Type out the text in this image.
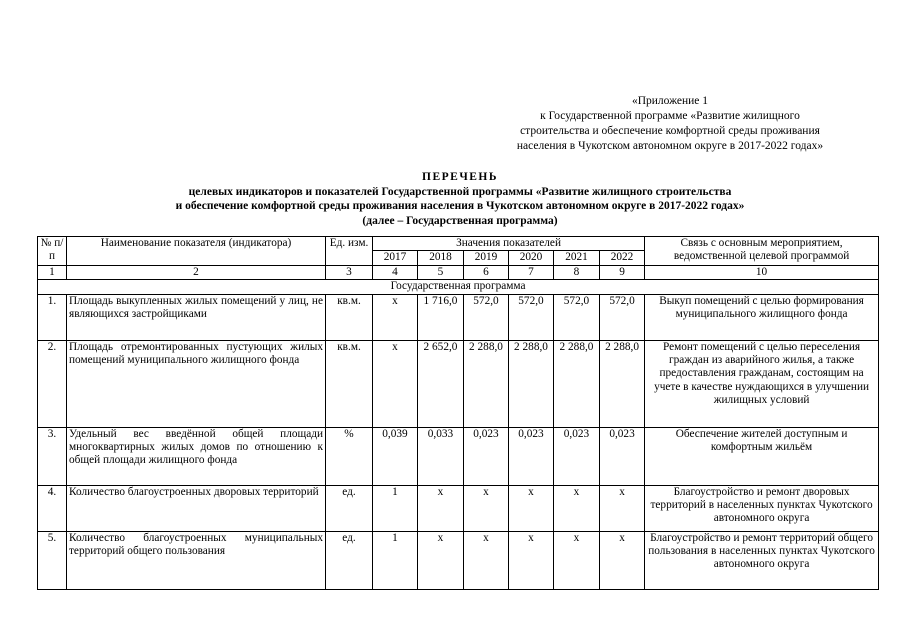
«Приложение 1
к Государственной программе «Развитие жилищного
строительства и обеспечение комфортной среды проживания
населения в Чукотском автономном округе в 2017-2022 годах»
ПЕРЕЧЕНЬ
целевых индикаторов и показателей Государственной программы «Развитие жилищного строительства
и обеспечение комфортной среды проживания населения в Чукотском автономном округе в 2017-2022 годах»
(далее – Государственная программа)
№ п/п	Наименование показателя (индикатора)	Ед. изм.	Значения показателей						Связь с основным мероприятием, ведомственной целевой программой
			2017	2018	2019	2020	2021	2022	
1	2	3	4	5	6	7	8	9	10
Государственная программа									
1.	Площадь выкупленных жилых помещений у лиц, не являющихся застройщиками	кв.м.	х	1 716,0	572,0	572,0	572,0	572,0	Выкуп помещений с целью формирования муниципального жилищного фонда
2.	Площадь отремонтированных пустующих жилых помещений муниципального жилищного фонда	кв.м.	х	2 652,0	2 288,0	2 288,0	2 288,0	2 288,0	Ремонт помещений с целью переселения граждан из аварийного жилья, а также предоставления гражданам, состоящим на учете в качестве нуждающихся в улучшении жилищных условий
3.	Удельный вес введённой общей площади многоквартирных жилых домов по отношению к общей площади жилищного фонда	%	0,039	0,033	0,023	0,023	0,023	0,023	Обеспечение жителей доступным и комфортным жильём
4.	Количество благоустроенных дворовых территорий	ед.	1	х	х	х	х	х	Благоустройство и ремонт дворовых территорий в населенных пунктах Чукотского автономного округа
5.	Количество благоустроенных муниципальных территорий общего пользования	ед.	1	х	х	х	х	х	Благоустройство и ремонт территорий общего пользования в населенных пунктах Чукотского автономного округа
